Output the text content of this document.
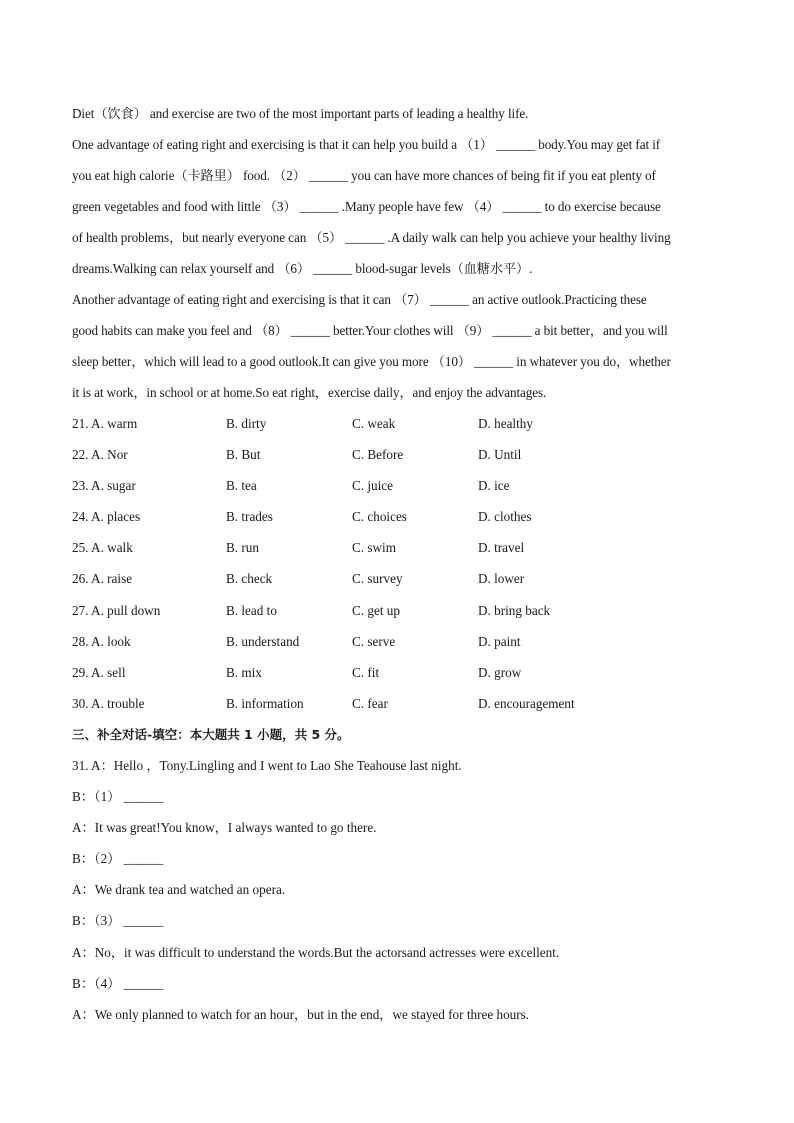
Diet（饮食） and exercise are two of the most important parts of leading a healthy life.
One advantage of eating right and exercising is that it can help you build a （1） ______ body.You may get fat if
you eat high calorie（卡路里） food. （2） ______ you can have more chances of being fit if you eat plenty of
green vegetables and food with little （3） ______ .Many people have few （4） ______ to do exercise because
of health problems，but nearly everyone can （5） ______ .A daily walk can help you achieve your healthy living
dreams.Walking can relax yourself and （6） ______ blood-sugar levels（血糖水平）.
Another advantage of eating right and exercising is that it can （7） ______ an active outlook.Practicing these
good habits can make you feel and （8） ______ better.Your clothes will （9） ______ a bit better，and you will
sleep better，which will lead to a good outlook.It can give you more （10） ______ in whatever you do，whether
it is at work，in school or at home.So eat right，exercise daily，and enjoy the advantages.
21. A. warm	B. dirty	C. weak	D. healthy
22. A. Nor	B. But	C. Before	D. Until
23. A. sugar	B. tea	C. juice	D. ice
24. A. places	B. trades	C. choices	D. clothes
25. A. walk	B. run	C. swim	D. travel
26. A. raise	B. check	C. survey	D. lower
27. A. pull down	B. lead to	C. get up	D. bring back
28. A. look	B. understand	C. serve	D. paint
29. A. sell	B. mix	C. fit	D. grow
30. A. trouble	B. information	C. fear	D. encouragement
三、补全对话-填空：本大题共 1 小题，共 5 分。
31. A：Hello ，Tony.Lingling and I went to Lao She Teahouse last night.
B：（1） ______
A：It was great!You know，I always wanted to go there.
B：（2） ______
A：We drank tea and watched an opera.
B：（3） ______
A：No，it was difficult to understand the words.But the actorsand actresses were excellent.
B：（4） ______
A：We only planned to watch for an hour，but in the end，we stayed for three hours.
